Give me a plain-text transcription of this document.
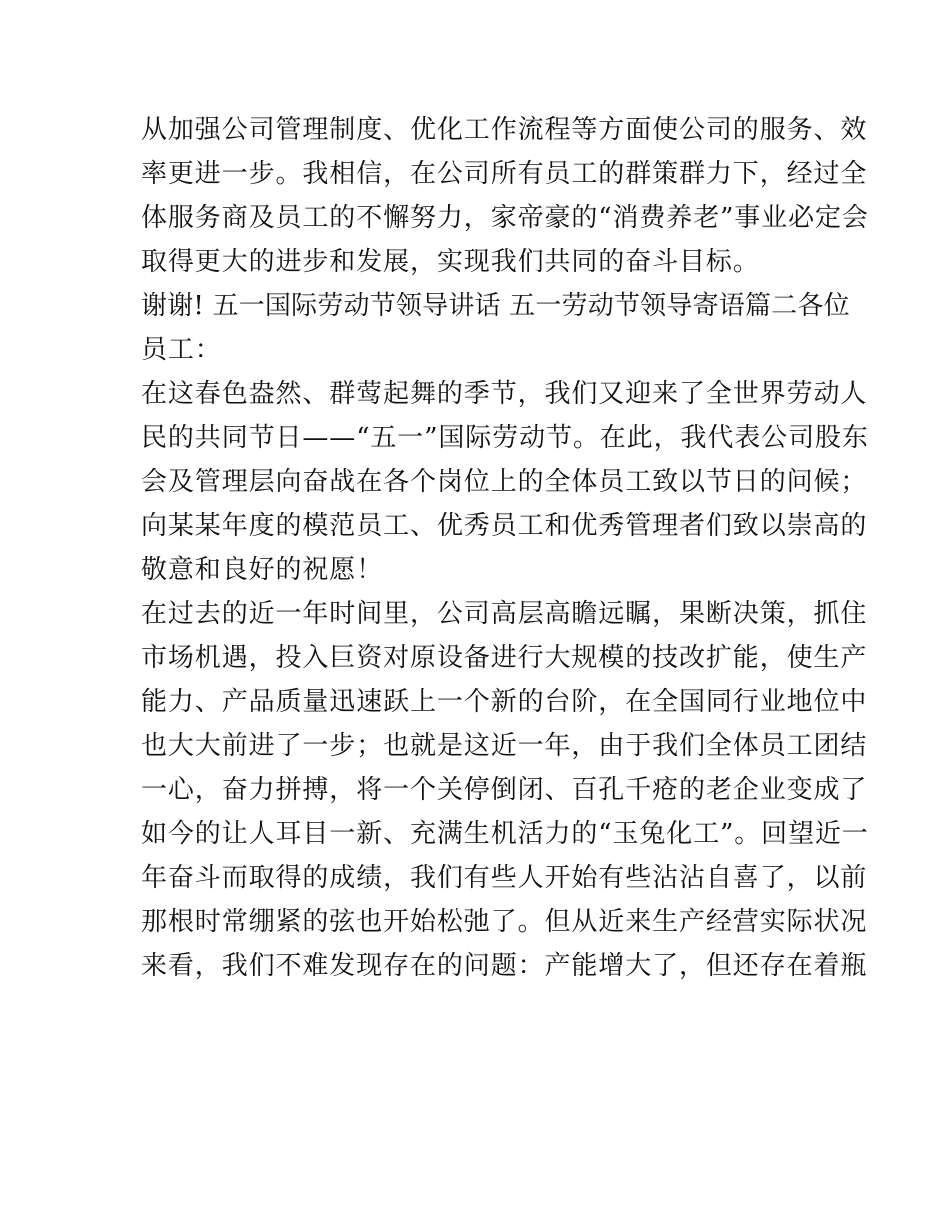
从加强公司管理制度、优化工作流程等方面使公司的服务、效
率更进一步。我相信，在公司所有员工的群策群力下，经过全
体服务商及员工的不懈努力，家帝豪的“消费养老”事业必定会
取得更大的进步和发展，实现我们共同的奋斗目标。
谢谢! 五一国际劳动节领导讲话 五一劳动节领导寄语篇二各位
员工：
在这春色盎然、群莺起舞的季节，我们又迎来了全世界劳动人
民的共同节日——“五一”国际劳动节。在此，我代表公司股东
会及管理层向奋战在各个岗位上的全体员工致以节日的问候；
向某某年度的模范员工、优秀员工和优秀管理者们致以崇高的
敬意和良好的祝愿！
在过去的近一年时间里，公司高层高瞻远瞩，果断决策，抓住
市场机遇，投入巨资对原设备进行大规模的技改扩能，使生产
能力、产品质量迅速跃上一个新的台阶，在全国同行业地位中
也大大前进了一步；也就是这近一年，由于我们全体员工团结
一心，奋力拼搏，将一个关停倒闭、百孔千疮的老企业变成了
如今的让人耳目一新、充满生机活力的“玉兔化工”。回望近一
年奋斗而取得的成绩，我们有些人开始有些沾沾自喜了，以前
那根时常绷紧的弦也开始松弛了。但从近来生产经营实际状况
来看，我们不难发现存在的问题：产能增大了，但还存在着瓶
